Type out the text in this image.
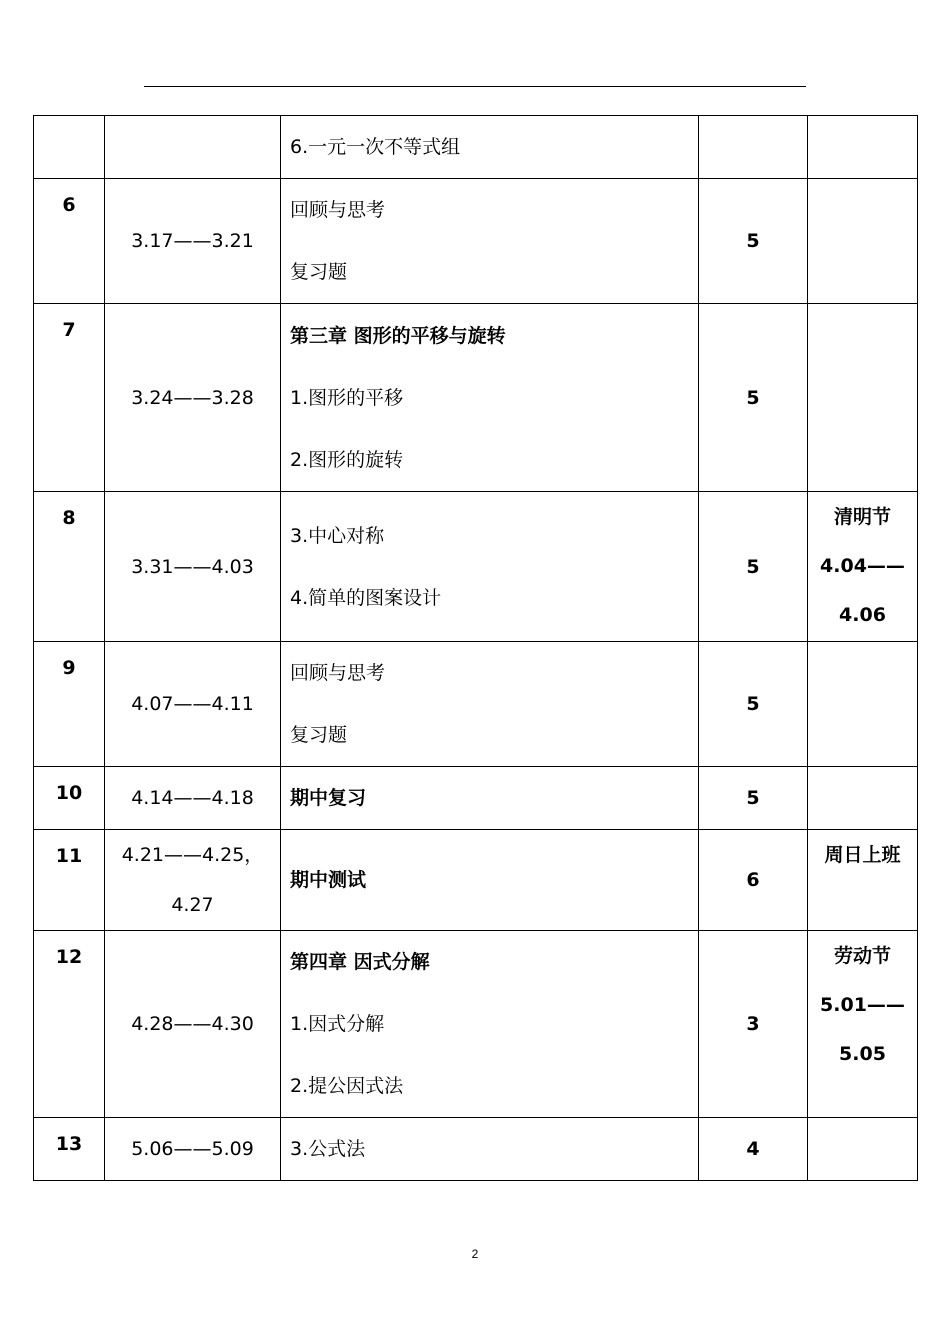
		6.一元一次不等式组		

6	3.17——3.21	回顾与思考
复习题	5	
7	3.24——3.28	第三章 图形的平移与旋转
1.图形的平移
2.图形的旋转	5	
8	3.31——4.03	3.中心对称
4.简单的图案设计	5	清明节
4.04——
4.06

9	4.07——4.11	回顾与思考
复习题	5	
10	4.14——4.18	期中复习	5	
11	4.21——4.25，
4.27	期中测试	6	周日上班

12	4.28——4.30	第四章 因式分解
1.因式分解
2.提公因式法	3	劳动节
5.01——
5.05

13	5.06——5.09	3.公式法	4	
2
